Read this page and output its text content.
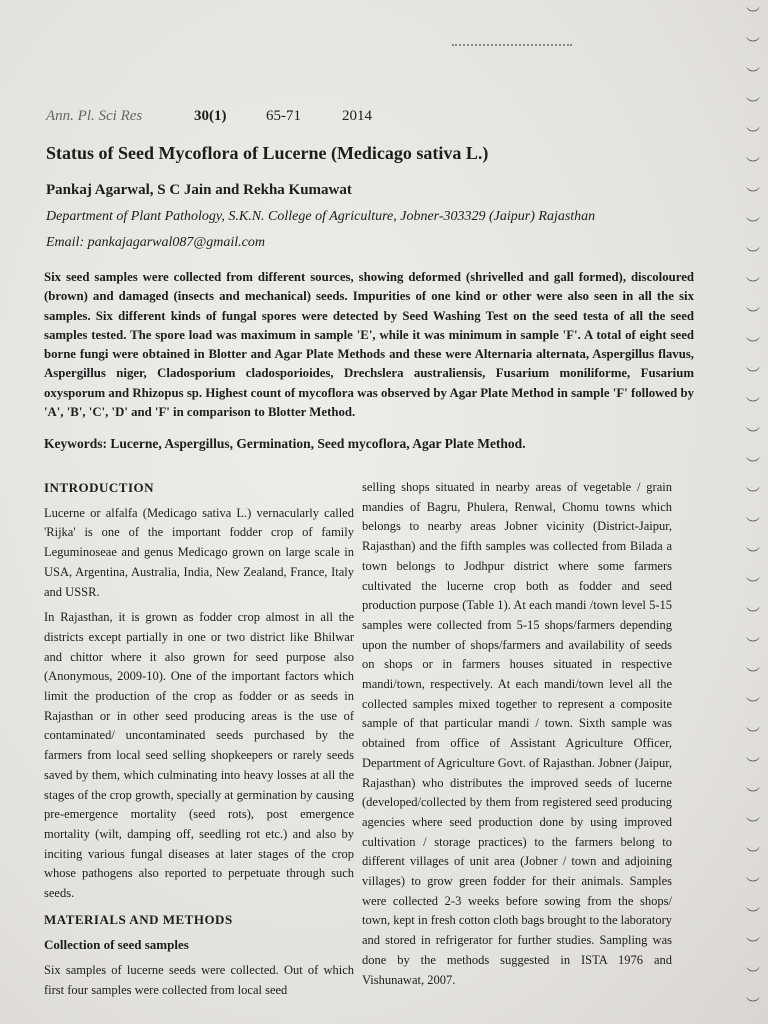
Ann. Pl. Sci Res	30(1)	65-71	2014
Status of Seed Mycoflora of Lucerne (Medicago sativa L.)
Pankaj Agarwal, S C Jain and Rekha Kumawat
Department of Plant Pathology, S.K.N. College of Agriculture, Jobner-303329 (Jaipur) Rajasthan
Email: pankajagarwal087@gmail.com
Six seed samples were collected from different sources, showing deformed (shrivelled and gall formed), discoloured (brown) and damaged (insects and mechanical) seeds. Impurities of one kind or other were also seen in all the six samples. Six different kinds of fungal spores were detected by Seed Washing Test on the seed testa of all the seed samples tested. The spore load was maximum in sample 'E', while it was minimum in sample 'F'. A total of eight seed borne fungi were obtained in Blotter and Agar Plate Methods and these were Alternaria alternata, Aspergillus flavus, Aspergillus niger, Cladosporium cladosporioides, Drechslera australiensis, Fusarium moniliforme, Fusarium oxysporum and Rhizopus sp. Highest count of mycoflora was observed by Agar Plate Method in sample 'F' followed by 'A', 'B', 'C', 'D' and 'F' in comparison to Blotter Method.
Keywords: Lucerne, Aspergillus, Germination, Seed mycoflora, Agar Plate Method.
INTRODUCTION

Lucerne or alfalfa (Medicago sativa L.) vernacularly called 'Rijka' is one of the important fodder crop of family Leguminoseae and genus Medicago grown on large scale in USA, Argentina, Australia, India, New Zealand, France, Italy and USSR.

In Rajasthan, it is grown as fodder crop almost in all the districts except partially in one or two district like Bhilwar and chittor where it also grown for seed purpose also (Anonymous, 2009-10). One of the important factors which limit the production of the crop as fodder or as seeds in Rajasthan or in other seed producing areas is the use of contaminated/ uncontaminated seeds purchased by the farmers from local seed selling shopkeepers or rarely seeds saved by them, which culminating into heavy losses at all the stages of the crop growth, specially at germination by causing pre-emergence mortality (seed rots), post emergence mortality (wilt, damping off, seedling rot etc.) and also by inciting various fungal diseases at later stages of the crop whose pathogens also reported to perpetuate through such seeds.

MATERIALS AND METHODS
Collection of seed samples

Six samples of lucerne seeds were collected. Out of which first four samples were collected from local seed

selling shops situated in nearby areas of vegetable / grain mandies of Bagru, Phulera, Renwal, Chomu towns which belongs to nearby areas Jobner vicinity (District-Jaipur, Rajasthan) and the fifth samples was collected from Bilada a town belongs to Jodhpur district where some farmers cultivated the lucerne crop both as fodder and seed production purpose (Table 1). At each mandi /town level 5-15 samples were collected from 5-15 shops/farmers depending upon the number of shops/farmers and availability of seeds on shops or in farmers houses situated in respective mandi/town, respectively. At each mandi/town level all the collected samples mixed together to represent a composite sample of that particular mandi / town. Sixth sample was obtained from office of Assistant Agriculture Officer, Department of Agriculture Govt. of Rajasthan. Jobner (Jaipur, Rajasthan) who distributes the improved seeds of lucerne (developed/collected by them from registered seed producing agencies where seed production done by using improved cultivation / storage practices) to the farmers belong to different villages of unit area (Jobner / town and adjoining villages) to grow green fodder for their animals. Samples were collected 2-3 weeks before sowing from the shops/ town, kept in fresh cotton cloth bags brought to the laboratory and stored in refrigerator for further studies. Sampling was done by the methods suggested in ISTA 1976 and Vishunawat, 2007.

︶
︶
︶
︶
︶
︶
︶
︶
︶
︶
︶
︶
︶
︶
︶
︶
︶
︶
︶
︶
︶
︶
︶
︶
︶
︶
︶
︶
︶
︶
︶
︶
︶
︶
